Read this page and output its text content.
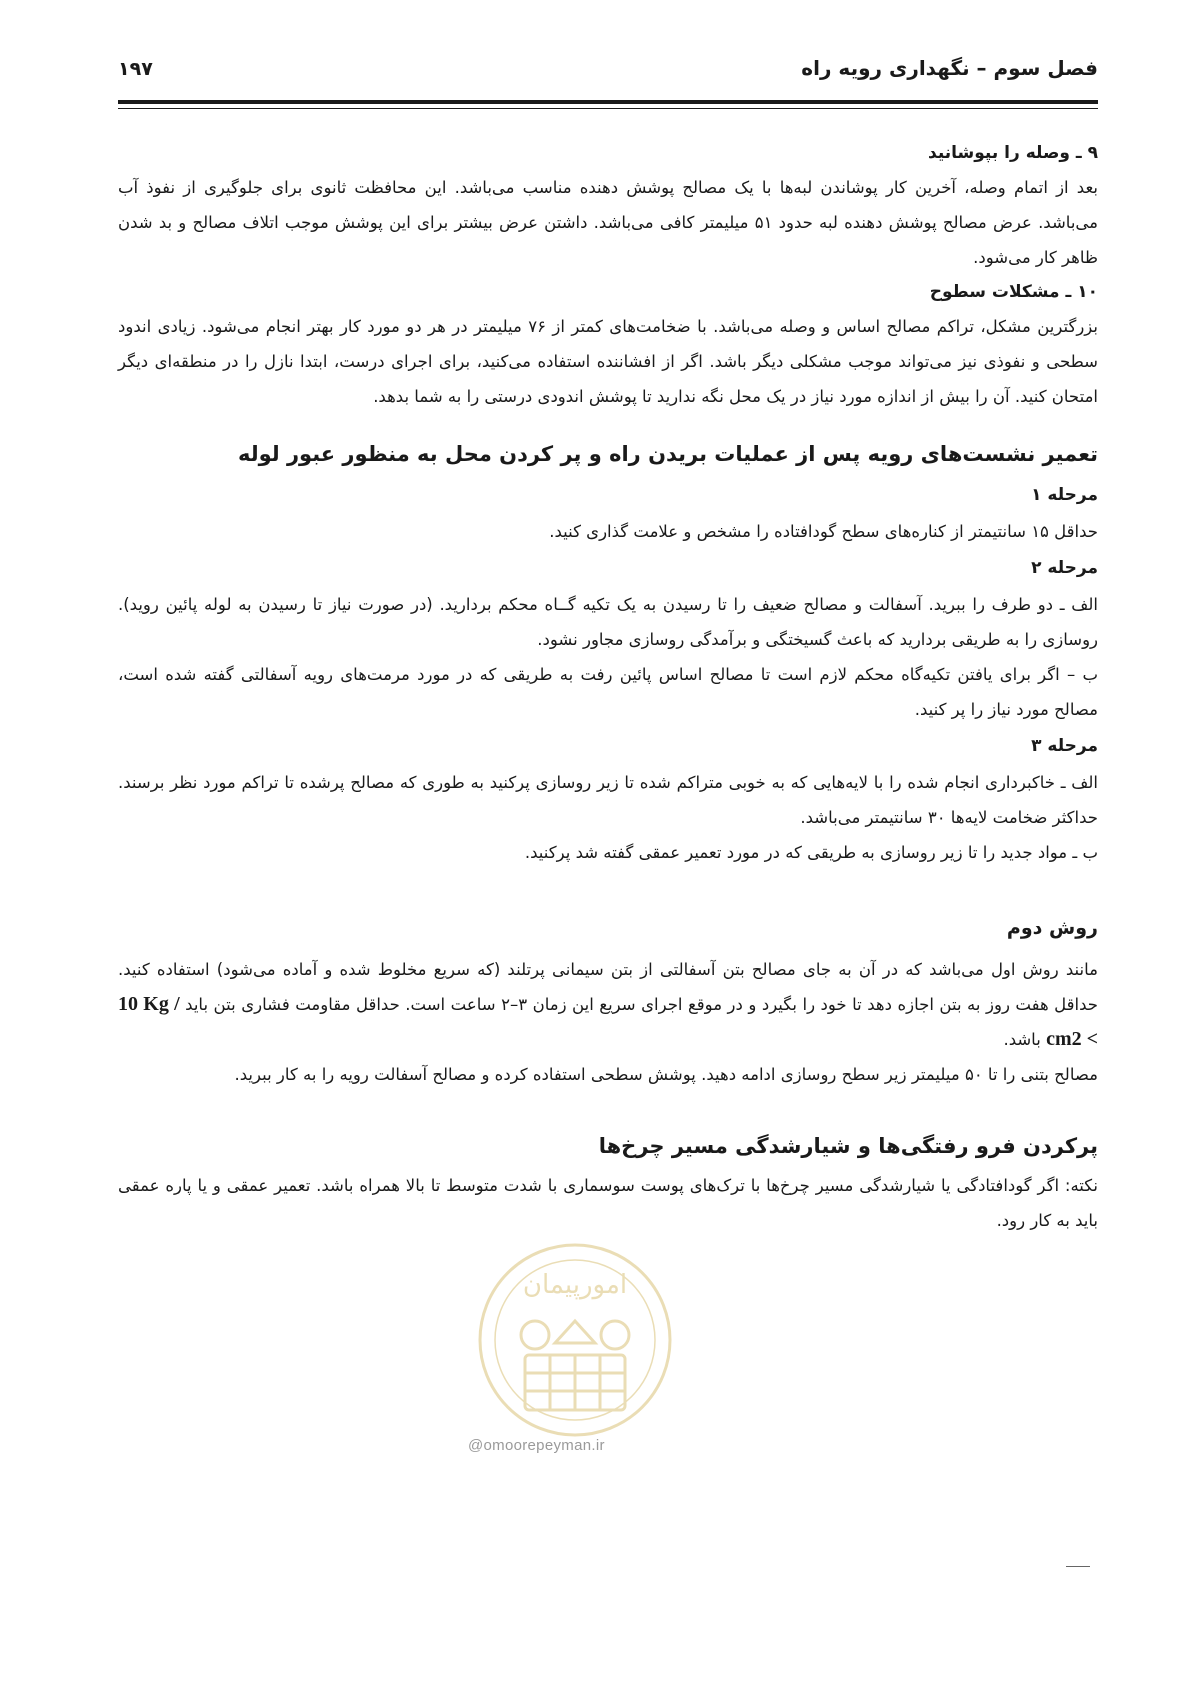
فصل سوم – نگهداری رویه راه
۱۹۷

۹ ـ وصله را بپوشانید

بعد از اتمام وصله، آخرین کار پوشاندن لبه‌ها با یک مصالح پوشش دهنده مناسب می‌باشد. این محافظت ثانوی برای جلوگیری از نفوذ آب می‌باشد. عرض مصالح پوشش دهنده لبه حدود ۵۱ میلیمتر کافی می‌باشد. داشتن عرض بیشتر برای این پوشش موجب اتلاف مصالح و بد شدن ظاهر کار می‌شود.

۱۰ ـ مشکلات سطوح

بزرگترین مشکل، تراکم مصالح اساس و وصله می‌باشد. با ضخامت‌های کمتر از ۷۶ میلیمتر در هر دو مورد کار بهتر انجام می‌شود. زیادی اندود سطحی و نفوذی نیز می‌تواند موجب مشکلی دیگر باشد. اگر از افشاننده استفاده می‌کنید، برای اجرای درست، ابتدا نازل را در منطقه‌ای دیگر امتحان کنید. آن را بیش از اندازه مورد نیاز در یک محل نگه ندارید تا پوشش اندودی درستی را به شما بدهد.

تعمیر نشست‌های رویه پس از عملیات بریدن راه و پر کردن محل به منظور عبور لوله

مرحله ۱

حداقل ۱۵ سانتیمتر از کناره‌های سطح گودافتاده را مشخص و علامت گذاری کنید.

مرحله ۲

الف ـ دو طرف را ببرید. آسفالت و مصالح ضعیف را تا رسیدن به یک تکیه گــاه محکم بردارید. (در صورت نیاز تا رسیدن به لوله پائین روید). روسازی را به طریقی بردارید که باعث گسیختگی و برآمدگی روسازی مجاور نشود.

ب – اگر برای یافتن تکیه‌گاه محکم لازم است تا مصالح اساس پائین رفت به طریقی که در مورد مرمت‌های رویه آسفالتی گفته شده است، مصالح مورد نیاز را پر کنید.

مرحله ۳

الف ـ خاکبرداری انجام شده را با لایه‌هایی که به خوبی متراکم شده تا زیر روسازی پرکنید به طوری که مصالح پرشده تا تراکم مورد نظر برسند. حداکثر ضخامت لایه‌ها ۳۰ سانتیمتر می‌باشد.

ب ـ مواد جدید را تا زیر روسازی به طریقی که در مورد تعمیر عمقی گفته شد پرکنید.

روش دوم

مانند روش اول می‌باشد که در آن به جای مصالح بتن آسفالتی از بتن سیمانی پرتلند (که سریع مخلوط شده و آماده می‌شود) استفاده کنید. حداقل هفت روز به بتن اجازه دهد تا خود را بگیرد و در موقع اجرای سریع این زمان ۳–۲ ساعت است. حداقل مقاومت فشاری بتن باید 10 Kg / cm2 < باشد.

مصالح بتنی را تا ۵۰ میلیمتر زیر سطح روسازی ادامه دهید. پوشش سطحی استفاده کرده و مصالح آسفالت رویه را به کار ببرید.

پرکردن فرو رفتگی‌ها و شیارشدگی مسیر چرخ‌ها

نکته: اگر گودافتادگی یا شیارشدگی مسیر چرخ‌ها با ترک‌های پوست سوسماری با شدت متوسط تا بالا همراه باشد. تعمیر عمقی و یا پاره عمقی باید به کار رود.

امورپیمان
@omoorepeyman.ir
